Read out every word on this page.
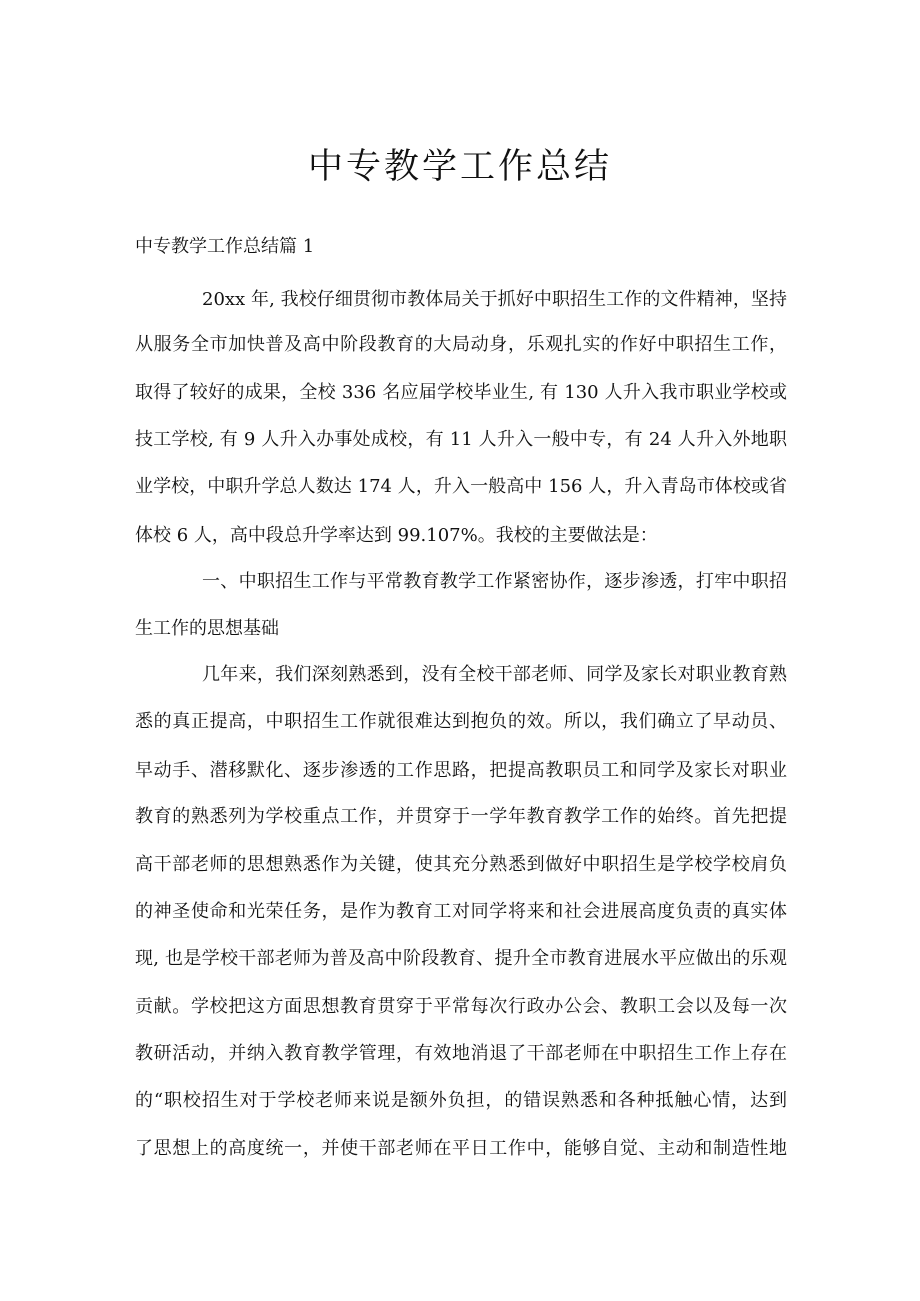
中专教学工作总结

中专教学工作总结篇 1

20xx 年, 我校仔细贯彻市教体局关于抓好中职招生工作的文件精神，坚持

从服务全市加快普及高中阶段教育的大局动身，乐观扎实的作好中职招生工作，

取得了较好的成果，全校 336 名应届学校毕业生, 有 130 人升入我市职业学校或

技工学校, 有 9 人升入办事处成校，有 11 人升入一般中专，有 24 人升入外地职

业学校，中职升学总人数达 174 人，升入一般高中 156 人，升入青岛市体校或省

体校 6 人，高中段总升学率达到 99.107%。我校的主要做法是：

一、中职招生工作与平常教育教学工作紧密协作，逐步渗透，打牢中职招

生工作的思想基础

几年来，我们深刻熟悉到，没有全校干部老师、同学及家长对职业教育熟

悉的真正提高，中职招生工作就很难达到抱负的效。所以，我们确立了早动员、

早动手、潜移默化、逐步渗透的工作思路，把提高教职员工和同学及家长对职业

教育的熟悉列为学校重点工作，并贯穿于一学年教育教学工作的始终。首先把提

高干部老师的思想熟悉作为关键，使其充分熟悉到做好中职招生是学校学校肩负

的神圣使命和光荣任务，是作为教育工对同学将来和社会进展高度负责的真实体

现, 也是学校干部老师为普及高中阶段教育、提升全市教育进展水平应做出的乐观

贡献。学校把这方面思想教育贯穿于平常每次行政办公会、教职工会以及每一次

教研活动，并纳入教育教学管理，有效地消退了干部老师在中职招生工作上存在

的“职校招生对于学校老师来说是额外负担，的错误熟悉和各种抵触心情，达到

了思想上的高度统一，并使干部老师在平日工作中，能够自觉、主动和制造性地
